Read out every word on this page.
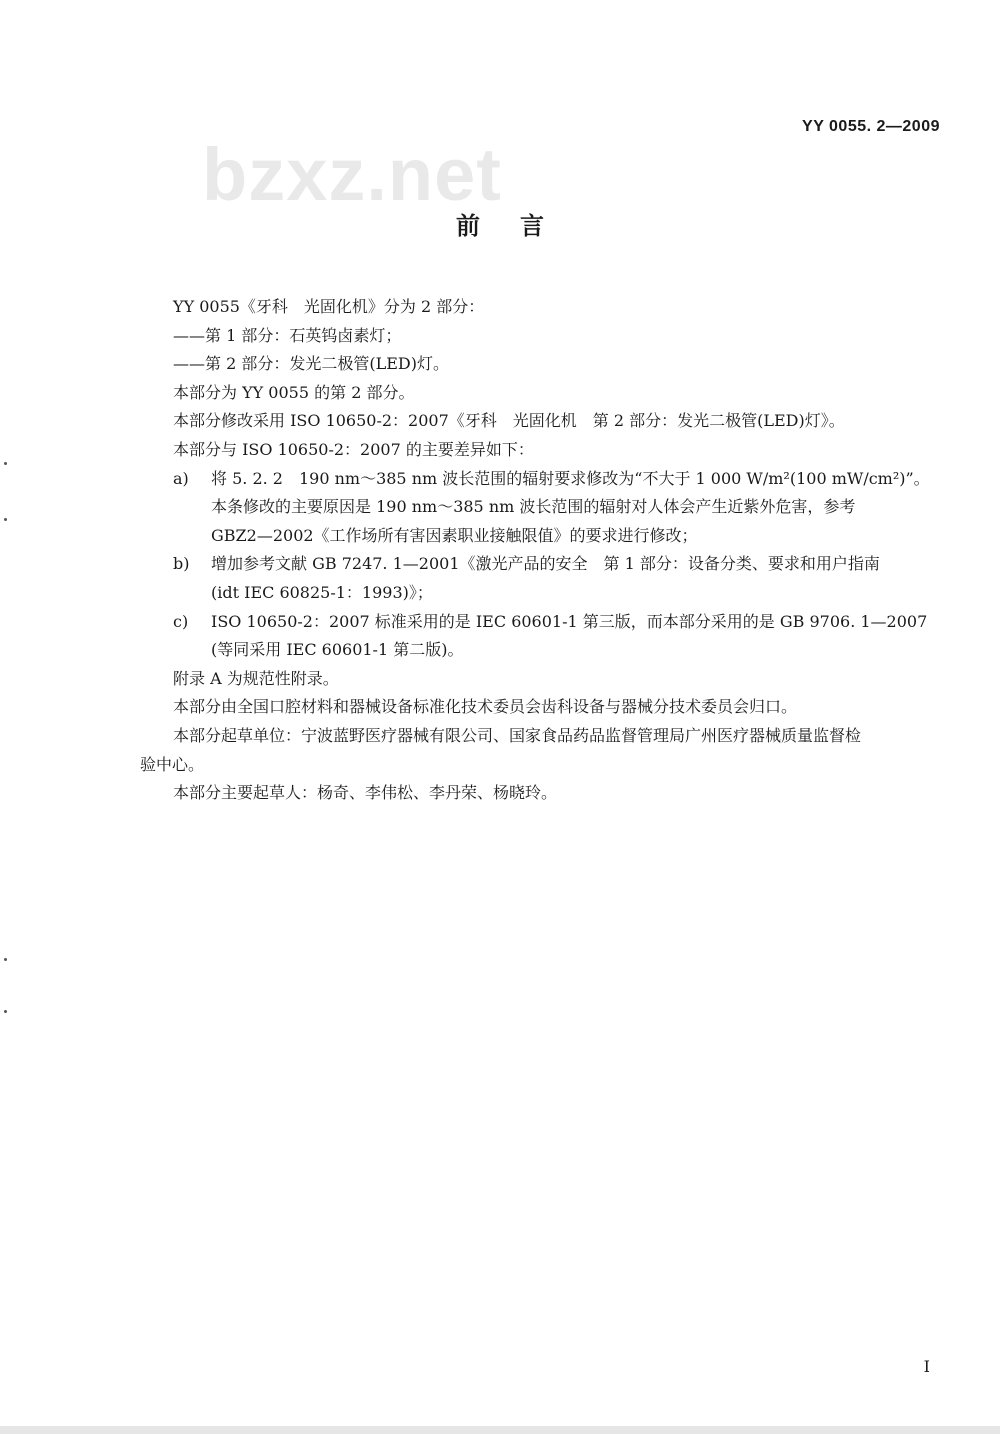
YY 0055. 2—2009
bzxz.net
前言
YY 0055《牙科　光固化机》分为 2 部分：
——第 1 部分：石英钨卤素灯；
——第 2 部分：发光二极管(LED)灯。
本部分为 YY 0055 的第 2 部分。
本部分修改采用 ISO 10650-2：2007《牙科　光固化机　第 2 部分：发光二极管(LED)灯》。
本部分与 ISO 10650-2：2007 的主要差异如下：
a)	将 5. 2. 2　190 nm～385 nm 波长范围的辐射要求修改为“不大于 1 000 W/m²(100 mW/cm²)”。
本条修改的主要原因是 190 nm～385 nm 波长范围的辐射对人体会产生近紫外危害，参考
GBZ2—2002《工作场所有害因素职业接触限值》的要求进行修改；
b)	增加参考文献 GB 7247. 1—2001《激光产品的安全　第 1 部分：设备分类、要求和用户指南
(idt IEC 60825-1：1993)》；
c)	ISO 10650-2：2007 标准采用的是 IEC 60601-1 第三版，而本部分采用的是 GB 9706. 1—2007
(等同采用 IEC 60601-1 第二版)。
附录 A 为规范性附录。
本部分由全国口腔材料和器械设备标准化技术委员会齿科设备与器械分技术委员会归口。
本部分起草单位：宁波蓝野医疗器械有限公司、国家食品药品监督管理局广州医疗器械质量监督检
验中心。
本部分主要起草人：杨奇、李伟松、李丹荣、杨晓玲。
I
